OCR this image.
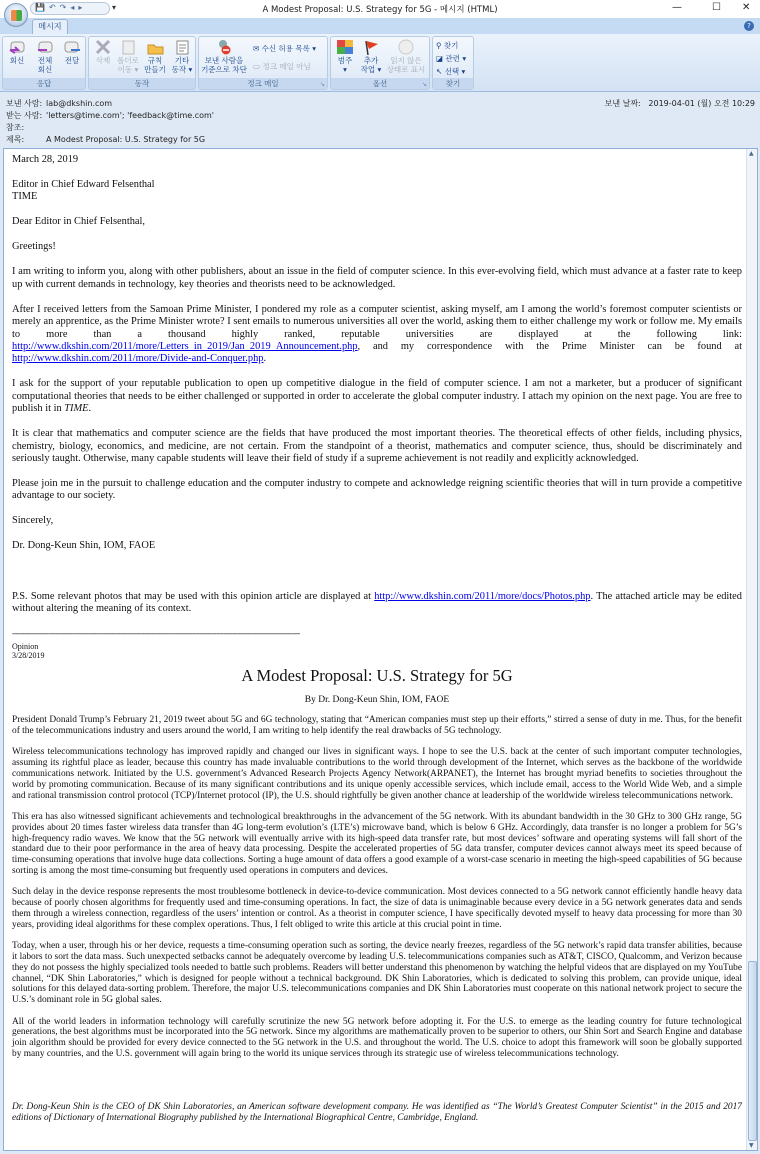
A Modest Proposal: U.S. Strategy for 5G - 메시지 (HTML)
💾↶↷◂▸	▾	—	☐ ✕
메시지	?
회신	전체
회신
전달
응답
삭제 폴더로
이동 ▾
규칙
만들기
기타
동작 ▾
동작
보낸 사람을
기준으로 차단
✉ 수신 허용 목록 ▾
▭ 정크 메일 아님
정크 메일	↘
범주
▾
추가
작업 ▾
읽지 않은
상태로 표시
옵션	↘
⚲ 찾기
◪ 관련 ▾
↖ 선택 ▾
찾기
보낸 사람: lab@dkshin.com
받는 사람: 'letters@time.com'; 'feedback@time.com'
참조:
제목:	A Modest Proposal: U.S. Strategy for 5G
보낸 날짜: 2019-04-01 (월) 오전 10:29

March 28, 2019

Editor in Chief Edward Felsenthal
TIME

Dear Editor in Chief Felsenthal,

Greetings!

I am writing to inform you, along with other publishers, about an issue in the field of computer science. In this ever-evolving field, which must advance at a faster rate to keep up with current demands in technology, key theories and theorists need to be acknowledged.

After I received letters from the Samoan Prime Minister, I pondered my role as a computer scientist, asking myself, am I among the world’s foremost computer scientists or merely an apprentice, as the Prime Minister wrote? I sent emails to numerous universities all over the world, asking them to either challenge my work or follow me. My emails to more than a thousand highly ranked, reputable universities are displayed at the following link: http://www.dkshin.com/2011/more/Letters_in_2019/Jan_2019_Announcement.php, and my correspondence with the Prime Minister can be found at http://www.dkshin.com/2011/more/Divide-and-Conquer.php.

I ask for the support of your reputable publication to open up competitive dialogue in the field of computer science. I am not a marketer, but a producer of significant computational theories that needs to be either challenged or supported in order to accelerate the global computer industry. I attach my opinion on the next page. You are free to publish it in TIME.

It is clear that mathematics and computer science are the fields that have produced the most important theories. The theoretical effects of other fields, including physics, chemistry, biology, economics, and medicine, are not certain. From the standpoint of a theorist, mathematics and computer science, thus, should be discriminately and seriously taught. Otherwise, many capable students will leave their field of study if a supreme achievement is not readily and explicitly acknowledged.

Please join me in the pursuit to challenge education and the computer industry to compete and acknowledge reigning scientific theories that will in turn provide a competitive advantage to our society.

Sincerely,

Dr. Dong-Keun Shin, IOM, FAOE

P.S. Some relevant photos that may be used with this opinion article are displayed at http://www.dkshin.com/2011/more/docs/Photos.php. The attached article may be edited without altering the meaning of its context.

------------------------------------------------------------------------------------------------------------------------
Opinion
3/28/2019
A Modest Proposal: U.S. Strategy for 5G
By Dr. Dong-Keun Shin, IOM, FAOE

President Donald Trump’s February 21, 2019 tweet about 5G and 6G technology, stating that “American companies must step up their efforts,” stirred a sense of duty in me. Thus, for the benefit of the telecommunications industry and users around the world, I am writing to help identify the real drawbacks of 5G technology.

Wireless telecommunications technology has improved rapidly and changed our lives in significant ways. I hope to see the U.S. back at the center of such important computer technologies, assuming its rightful place as leader, because this country has made invaluable contributions to the world through development of the Internet, which serves as the backbone of the worldwide communications network. Initiated by the U.S. government’s Advanced Research Projects Agency Network(ARPANET), the Internet has brought myriad benefits to societies throughout the world by promoting communication. Because of its many significant contributions and its unique openly accessible services, which include email, access to the World Wide Web, and a simple and rational transmission control protocol (TCP)/Internet protocol (IP), the U.S. should rightfully be given another chance at leadership of the worldwide wireless telecommunications network.

This era has also witnessed significant achievements and technological breakthroughs in the advancement of the 5G network. With its abundant bandwidth in the 30 GHz to 300 GHz range, 5G provides about 20 times faster wireless data transfer than 4G long-term evolution’s (LTE’s) microwave band, which is below 6 GHz. Accordingly, data transfer is no longer a problem for 5G’s high-frequency radio waves. We know that the 5G network will eventually arrive with its high-speed data transfer rate, but most devices’ software and operating systems will fall short of the standard due to their poor performance in the area of heavy data processing. Despite the accelerated properties of 5G data transfer, computer devices cannot always meet its speed because of time-consuming operations that involve huge data collections. Sorting a huge amount of data offers a good example of a worst-case scenario in meeting the high-speed capabilities of 5G because sorting is among the most time-consuming but frequently used operations in computers and devices.

Such delay in the device response represents the most troublesome bottleneck in device-to-device communication. Most devices connected to a 5G network cannot efficiently handle heavy data because of poorly chosen algorithms for frequently used and time-consuming operations. In fact, the size of data is unimaginable because every device in a 5G network generates data and sends them through a wireless connection, regardless of the users’ intention or control. As a theorist in computer science, I have specifically devoted myself to heavy data processing for more than 30 years, providing ideal algorithms for these complex operations. Thus, I felt obliged to write this article at this crucial point in time.

Today, when a user, through his or her device, requests a time-consuming operation such as sorting, the device nearly freezes, regardless of the 5G network’s rapid data transfer abilities, because it labors to sort the data mass. Such unexpected setbacks cannot be adequately overcome by leading U.S. telecommunications companies such as AT&T, CISCO, Qualcomm, and Verizon because they do not possess the highly specialized tools needed to battle such problems. Readers will better understand this phenomenon by watching the helpful videos that are displayed on my YouTube channel, “DK Shin Laboratories,” which is designed for people without a technical background. DK Shin Laboratories, which is dedicated to solving this problem, can provide unique, ideal solutions for this delayed data-sorting problem. Therefore, the major U.S. telecommunications companies and DK Shin Laboratories must cooperate on this national network project to secure the U.S.’s dominant role in 5G global sales.

All of the world leaders in information technology will carefully scrutinize the new 5G network before adopting it. For the U.S. to emerge as the leading country for future technological generations, the best algorithms must be incorporated into the 5G network. Since my algorithms are mathematically proven to be superior to others, our Shin Sort and Search Engine and database join algorithm should be provided for every device connected to the 5G network in the U.S. and throughout the world. The U.S. choice to adopt this framework will soon be globally supported by many countries, and the U.S. government will again bring to the world its unique services through its strategic use of wireless telecommunications technology.

Dr. Dong-Keun Shin is the CEO of DK Shin Laboratories, an American software development company. He was identified as “The World’s Greatest Computer Scientist” in the 2015 and 2017 editions of Dictionary of International Biography published by the International Biographical Centre, Cambridge, England.

▲
▼
